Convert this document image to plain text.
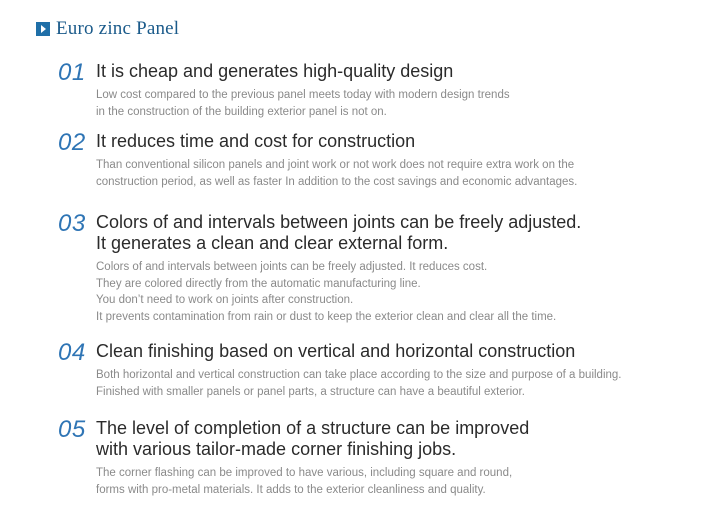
Euro zinc Panel
01 It is cheap and generates high-quality design
Low cost compared to the previous panel meets today with modern design trends
in the construction of the building exterior panel is not on.
02 It reduces time and cost for construction
Than conventional silicon panels and joint work or not work does not require extra work on the
construction period, as well as faster In addition to the cost savings and economic advantages.
03 Colors of and intervals between joints can be freely adjusted.
It generates a clean and clear external form.
Colors of and intervals between joints can be freely adjusted. It reduces cost.
They are colored directly from the automatic manufacturing line.
You don’t need to work on joints after construction.
It prevents contamination from rain or dust to keep the exterior clean and clear all the time.
04 Clean finishing based on vertical and horizontal construction
Both horizontal and vertical construction can take place according to the size and purpose of a building.
Finished with smaller panels or panel parts, a structure can have a beautiful exterior.
05 The level of completion of a structure can be improved
with various tailor-made corner finishing jobs.
The corner flashing can be improved to have various, including square and round,
forms with pro-metal materials. It adds to the exterior cleanliness and quality.
